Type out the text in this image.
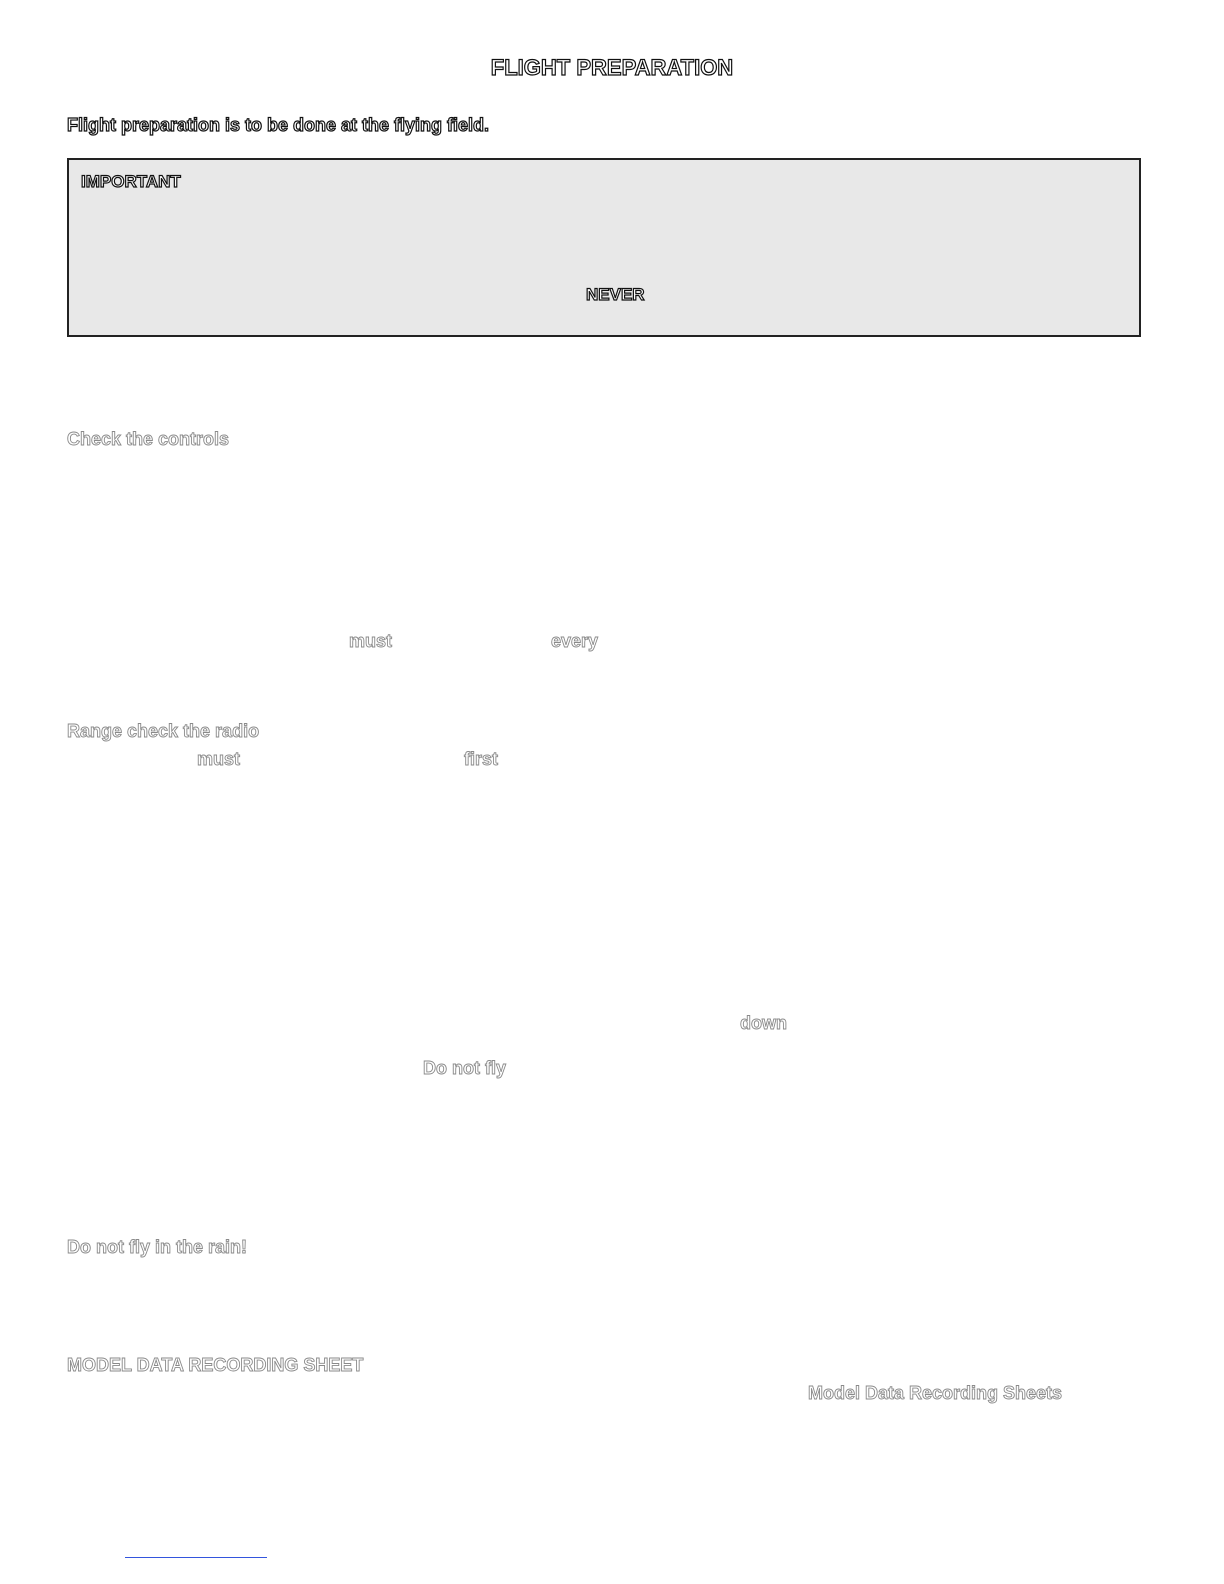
FLIGHT PREPARATION

Flight preparation is to be done at the flying field.

IMPORTANT
NEVER
Check the controls
must	every
Range check the radio
must	first
down
Do not fly
Do not fly in the rain!
MODEL DATA RECORDING SHEET
Model Data Recording Sheets
